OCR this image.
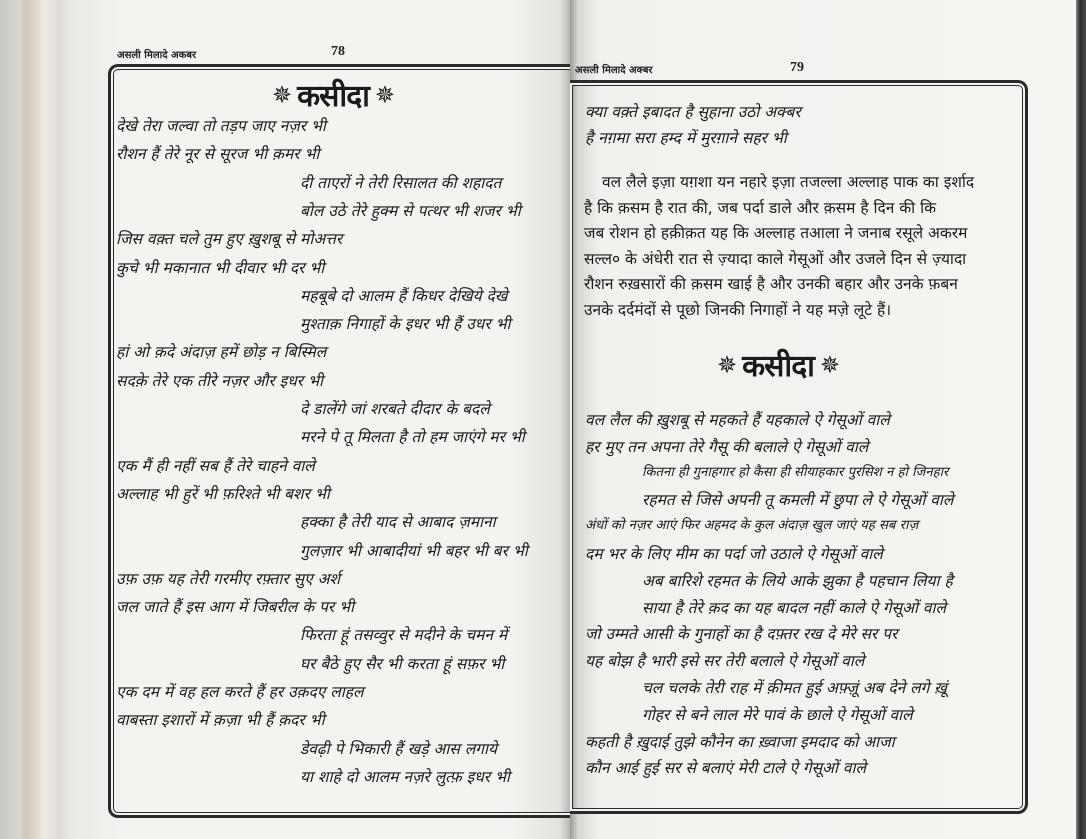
असली मिलादे अकबर	78
✵ कसीदा ✵
देखे तेरा जल्वा तो तड़प जाए नज़र भी
रौशन हैं तेरे नूर से सूरज भी क़मर भी
दी ताएरों ने तेरी रिसालत की शहादत
बोल उठे तेरे हुक्म से पत्थर भी शजर भी
जिस वक़्त चले तुम हुए ख़ुशबू से मोअत्तर
कुचे भी मकानात भी दीवार भी दर भी
महबूबे दो आलम हैं किधर देखिये देखे
मुश्ताक़ निगाहों के इधर भी हैं उधर भी
हां ओ क़दे अंदाज़ हमें छोड़ न बिस्मिल
सदक़े तेरे एक तीरे नज़र और इधर भी
दे डालेंगे जां शरबते दीदार के बदले
मरने पे तू मिलता है तो हम जाएंगे मर भी
एक मैं ही नहीं सब हैं तेरे चाहने वाले
अल्लाह भी हुरें भी फ़रिश्ते भी बशर भी
हक्का है तेरी याद से आबाद ज़माना
गुलज़ार भी आबादीयां भी बहर भी बर भी
उफ़ उफ़ यह तेरी गरमीए रफ़्तार सुए अर्श
जल जाते हैं इस आग में जिबरील के पर भी
फिरता हूं तसव्वुर से मदीने के चमन में
घर बैठे हुए सैर भी करता हूं सफ़र भी
एक दम में वह हल करते हैं हर उक़दए लाहल
वाबस्ता इशारों में क़ज़ा भी हैं क़दर भी
डेवढ़ी पे भिकारी हैं खड़े आस लगाये
या शाहे दो आलम नज़रे लुत्फ़ इधर भी
असली मिलादे अक्बर	79
क्या वक़्ते इबादत है सुहाना उठो अक्बर
है नग़मा सरा हम्द में मुरग़ाने सहर भी
वल लैले इज़ा यग़शा यन नहारे इज़ा तजल्ला अल्लाह पाक का इर्शाद
है कि क़सम है रात की, जब पर्दा डाले और क़सम है दिन की कि
जब रोशन हो हक़ीक़त यह कि अल्लाह तआला ने जनाब रसूले अकरम
सल्ल० के अंधेरी रात से ज़्यादा काले गेसूओं और उजले दिन से ज़्यादा
रौशन रुख़सारों की क़सम खाई है और उनकी बहार और उनके फ़बन
उनके दर्दमंदों से पूछो जिनकी निगाहों ने यह मज़े लूटे हैं।
✵ कसीदा ✵
वल लैल की ख़ुशबू से महकते हैं यहकाले ऐ गेसूओं वाले
हर मुए तन अपना तेरे गैसू की बलाले ऐ गेसूओं वाले
कितना ही गुनाहगार हो कैसा ही सीयाहकार पुरसिश न हो जिनहार
रहमत से जिसे अपनी तू कमली में छुपा ले ऐ गेसूओं वाले
अंधों को नज़र आएं फिर अहमद के कुल अंदाज़ खुल जाएं यह सब राज़
दम भर के लिए मीम का पर्दा जो उठाले ऐ गेसूओं वाले
अब बारिशे रहमत के लिये आके झुका है पहचान लिया है
साया है तेरे क़द का यह बादल नहीं काले ऐ गेसूओं वाले
जो उम्मते आसी के गुनाहों का है दफ़्तर रख दे मेरे सर पर
यह बोझ है भारी इसे सर तेरी बलाले ऐ गेसूओं वाले
चल चलके तेरी राह में क़ीमत हुई अफ़्ज़ूं अब देने लगे ख़ूं
गोहर से बने लाल मेरे पावं के छाले ऐ गेसूओं वाले
कहती है ख़ुदाई तुझे कौनेन का ख़्वाजा इमदाद को आजा
कौन आई हुई सर से बलाएं मेरी टाले ऐ गेसूओं वाले
